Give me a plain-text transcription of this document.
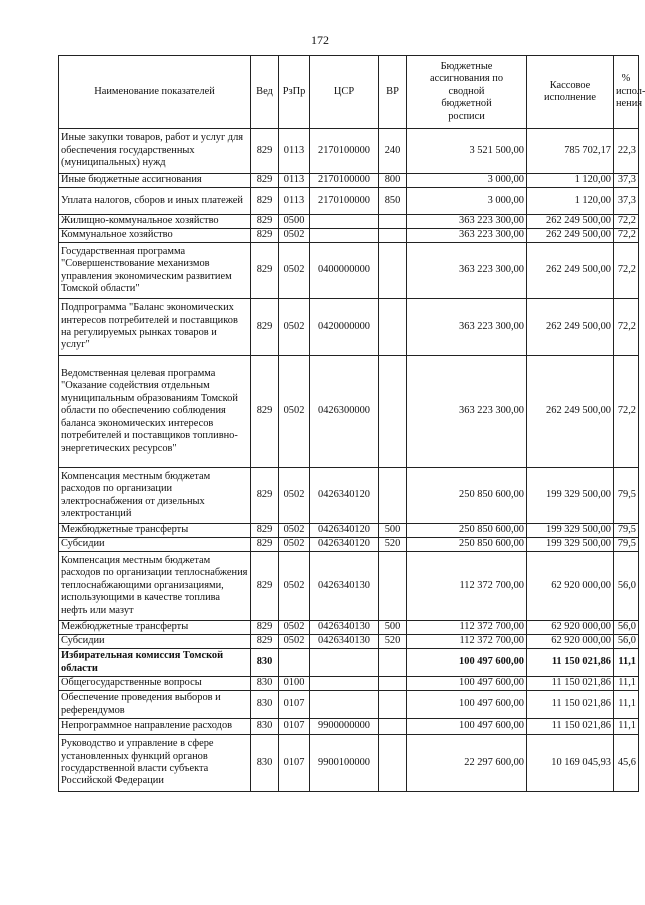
172
Наименование показателей	Вед	РзПр	ЦСР	ВР	Бюджетные
ассигнования по
сводной
бюджетной
росписи	Кассовое
исполнение	%
испол-
нения
Иные закупки товаров, работ и услуг для обеспечения государственных (муниципальных) нужд	829	0113	2170100000	240	3 521 500,00	785 702,17	22,3
Иные бюджетные ассигнования	829	0113	2170100000	800	3 000,00	1 120,00	37,3
Уплата налогов, сборов и иных платежей	829	0113	2170100000	850	3 000,00	1 120,00	37,3
Жилищно-коммунальное хозяйство	829	0500			363 223 300,00	262 249 500,00	72,2
Коммунальное хозяйство	829	0502			363 223 300,00	262 249 500,00	72,2
Государственная программа "Совершенствование механизмов управления экономическим развитием Томской области"	829	0502	0400000000		363 223 300,00	262 249 500,00	72,2
Подпрограмма "Баланс экономических интересов потребителей и поставщиков на регулируемых рынках товаров и услуг"	829	0502	0420000000		363 223 300,00	262 249 500,00	72,2
Ведомственная целевая программа "Оказание содействия отдельным муниципальным образованиям Томской области по обеспечению соблюдения баланса экономических интересов потребителей и поставщиков топливно-энергетических ресурсов"	829	0502	0426300000		363 223 300,00	262 249 500,00	72,2
Компенсация местным бюджетам расходов по организации электроснабжения от дизельных электростанций	829	0502	0426340120		250 850 600,00	199 329 500,00	79,5
Межбюджетные трансферты	829	0502	0426340120	500	250 850 600,00	199 329 500,00	79,5
Субсидии	829	0502	0426340120	520	250 850 600,00	199 329 500,00	79,5
Компенсация местным бюджетам расходов по организации теплоснабжения теплоснабжающими организациями, использующими в качестве топлива нефть или мазут	829	0502	0426340130		112 372 700,00	62 920 000,00	56,0
Межбюджетные трансферты	829	0502	0426340130	500	112 372 700,00	62 920 000,00	56,0
Субсидии	829	0502	0426340130	520	112 372 700,00	62 920 000,00	56,0
Избирательная комиссия Томской области	830				100 497 600,00	11 150 021,86	11,1
Общегосударственные вопросы	830	0100			100 497 600,00	11 150 021,86	11,1
Обеспечение проведения выборов и референдумов	830	0107			100 497 600,00	11 150 021,86	11,1
Непрограммное направление расходов	830	0107	9900000000		100 497 600,00	11 150 021,86	11,1
Руководство и управление в сфере установленных функций органов государственной власти субъекта Российской Федерации	830	0107	9900100000		22 297 600,00	10 169 045,93	45,6
